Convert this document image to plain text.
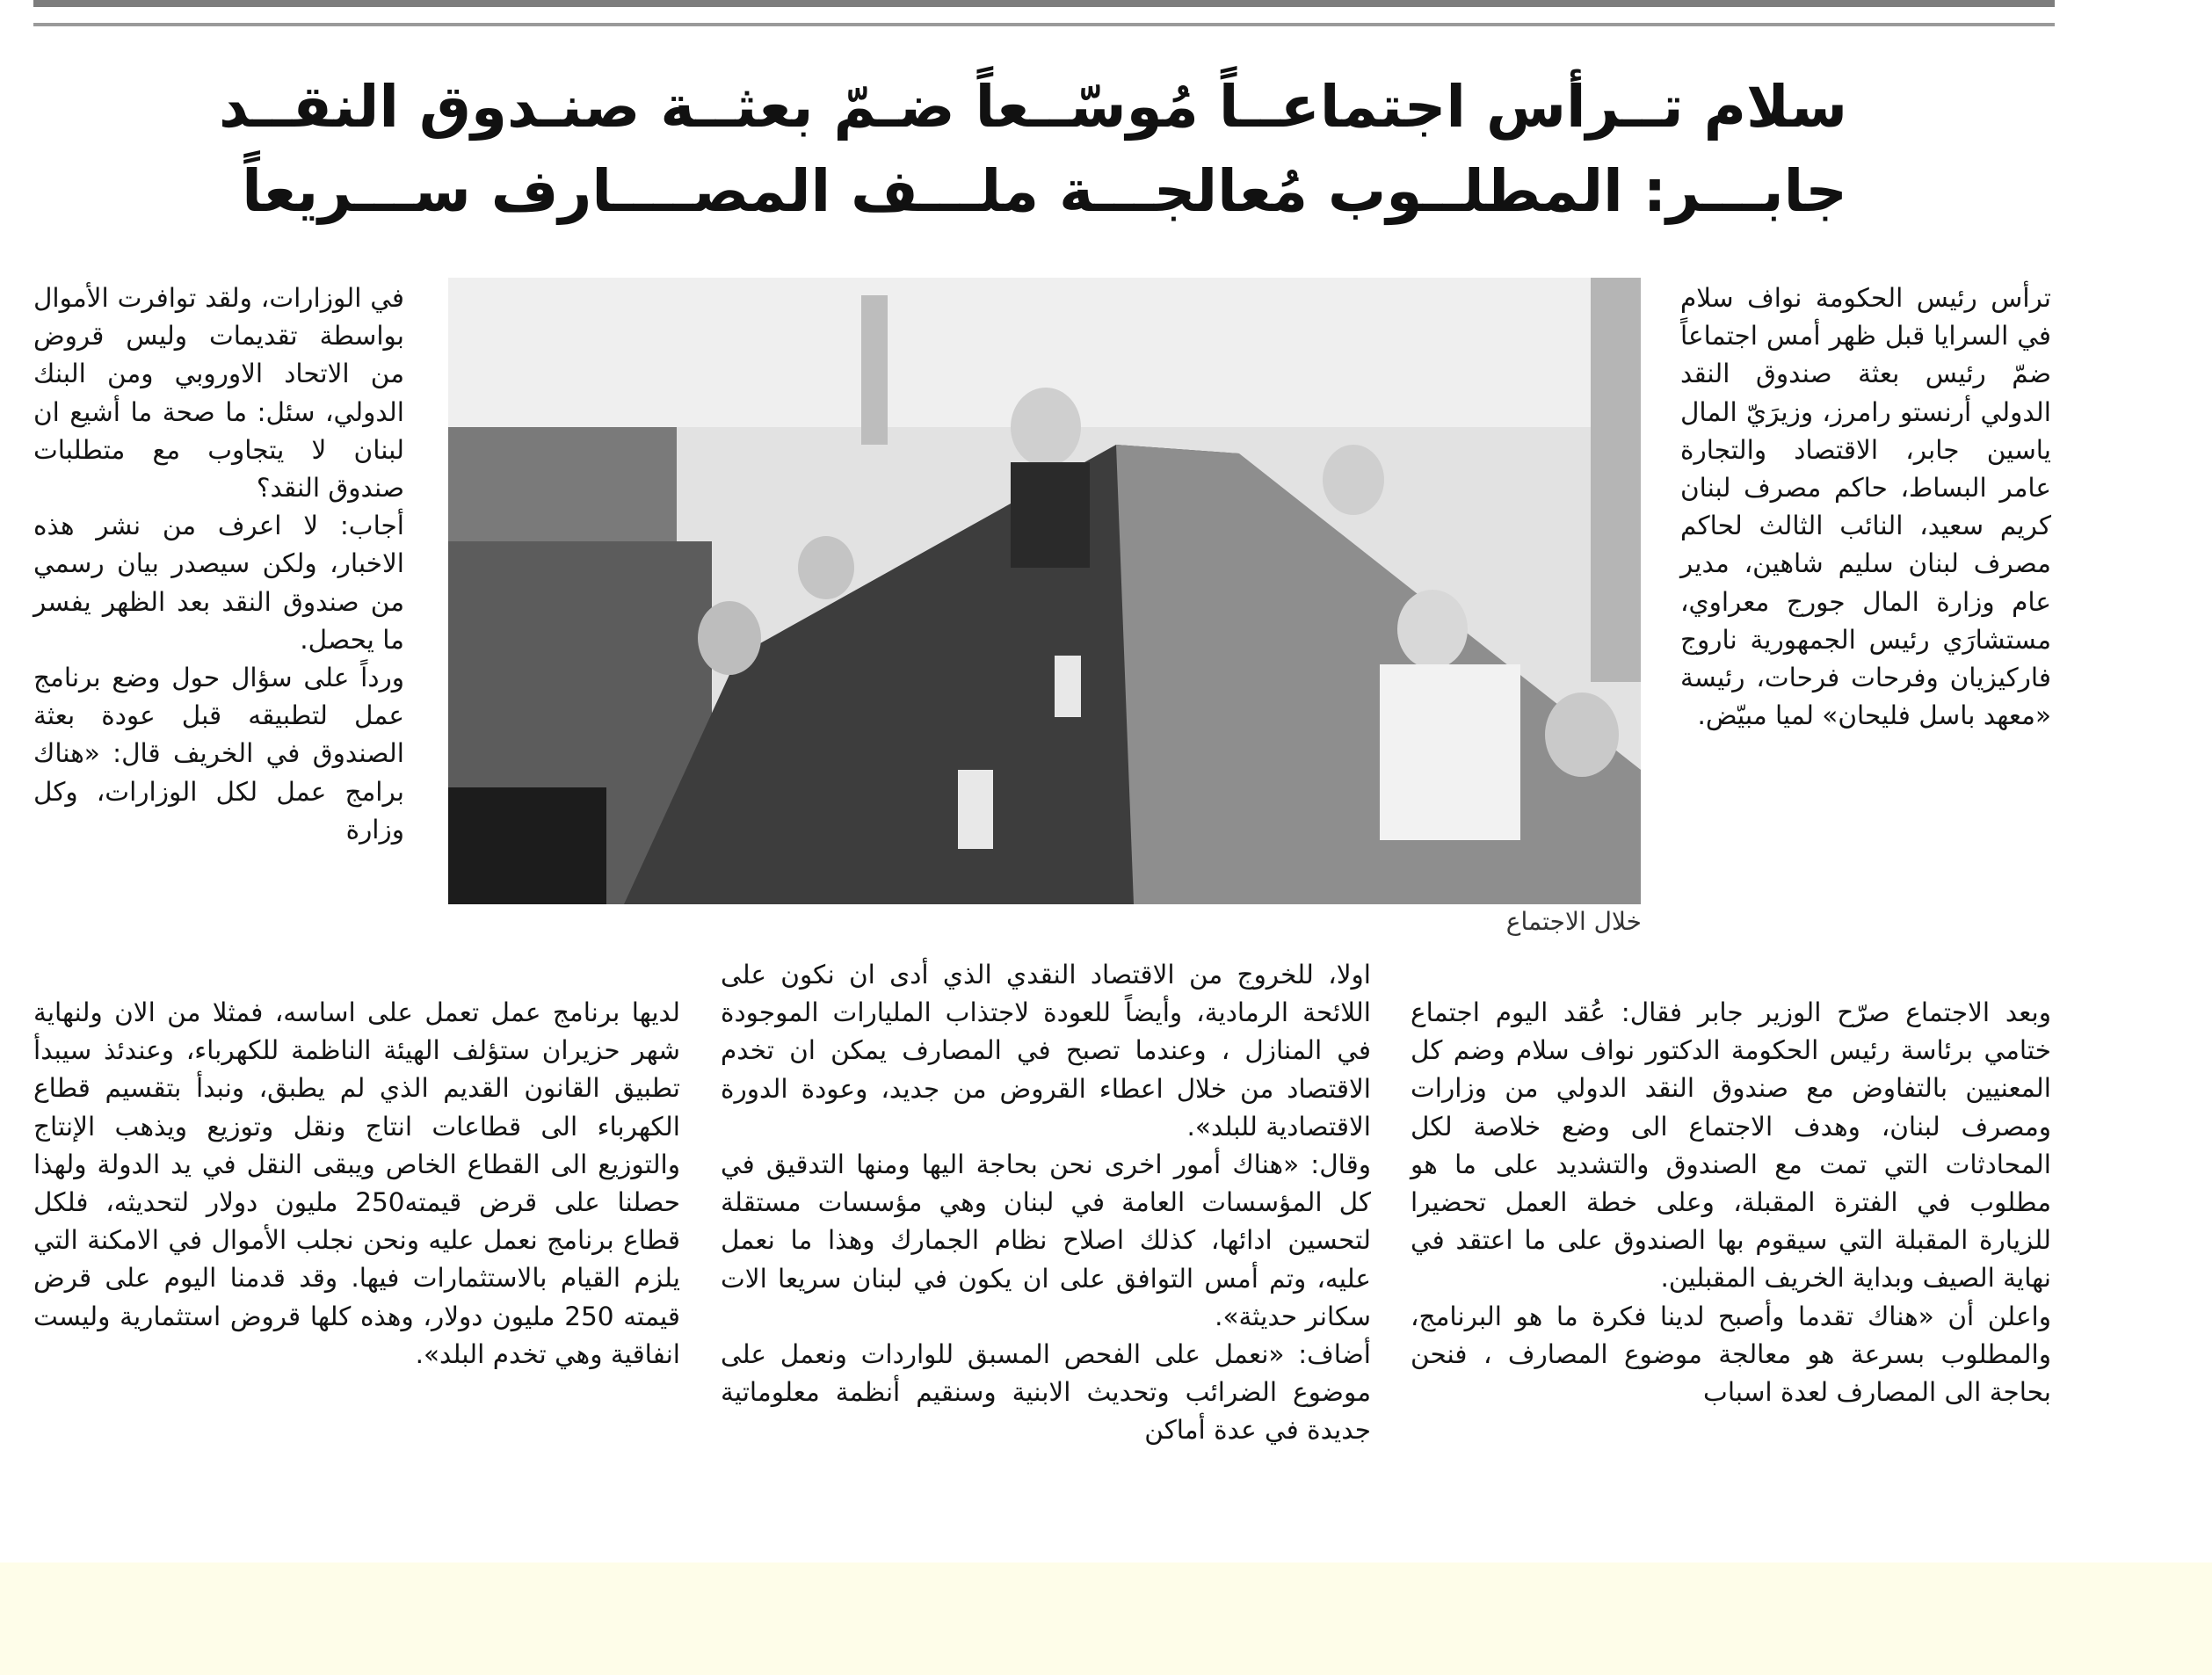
سلام تــرأس اجتماعــاً مُوسّــعاً ضـمّ بعثــة صنـدوق النقــد
جابـــر: المطلــوب مُعالجـــة ملـــف المصــــارف ســـريعاً

ترأس رئيس الحكومة نواف سلام في السرايا قبل ظهر أمس اجتماعاً ضمّ رئيس بعثة صندوق النقد الدولي أرنستو رامرز، وزيرَيّ المال ياسين جابر، الاقتصاد والتجارة عامر البساط، حاكم مصرف لبنان كريم سعيد، النائب الثالث لحاكم مصرف لبنان سليم شاهين، مدير عام وزارة المال جورج معراوي، مستشارَي رئيس الجمهورية ناروج فاركيزيان وفرحات فرحات، رئيسة «معهد باسل فليحان» لميا مبيّض.

في الوزارات، ولقد توافرت الأموال بواسطة تقديمات وليس قروض من الاتحاد الاوروبي ومن البنك الدولي، سئل: ما صحة ما أشيع ان لبنان لا يتجاوب مع متطلبات صندوق النقد؟
أجاب: لا اعرف من نشر هذه الاخبار، ولكن سيصدر بيان رسمي من صندوق النقد بعد الظهر يفسر ما يحصل.
ورداً على سؤال حول وضع برنامج عمل لتطبيقه قبل عودة بعثة الصندوق في الخريف قال: «هناك برامج عمل لكل الوزارات، وكل وزارة

خلال الاجتماع

وبعد الاجتماع صرّح الوزير جابر فقال: عُقد اليوم اجتماع ختامي برئاسة رئيس الحكومة الدكتور نواف سلام وضم كل المعنيين بالتفاوض مع صندوق النقد الدولي من وزارات ومصرف لبنان، وهدف الاجتماع الى وضع خلاصة لكل المحادثات التي تمت مع الصندوق والتشديد على ما هو مطلوب في الفترة المقبلة، وعلى خطة العمل تحضيرا للزيارة المقبلة التي سيقوم بها الصندوق على ما اعتقد في نهاية الصيف وبداية الخريف المقبلين.
واعلن أن «هناك تقدما وأصبح لدينا فكرة ما هو البرنامج، والمطلوب بسرعة هو معالجة موضوع المصارف ، فنحن بحاجة الى المصارف لعدة اسباب

اولا، للخروج من الاقتصاد النقدي الذي أدى ان نكون على اللائحة الرمادية، وأيضاً للعودة لاجتذاب المليارات الموجودة في المنازل ، وعندما تصبح في المصارف يمكن ان تخدم الاقتصاد من خلال اعطاء القروض من جديد، وعودة الدورة الاقتصادية للبلد».
وقال: «هناك أمور اخرى نحن بحاجة اليها ومنها التدقيق في كل المؤسسات العامة في لبنان وهي مؤسسات مستقلة لتحسين ادائها، كذلك اصلاح نظام الجمارك وهذا ما نعمل عليه، وتم أمس التوافق على ان يكون في لبنان سريعا الات سكانر حديثة».
أضاف: «نعمل على الفحص المسبق للواردات ونعمل على موضوع الضرائب وتحديث الابنية وسنقيم أنظمة معلوماتية جديدة في عدة أماكن

لديها برنامج عمل تعمل على اساسه، فمثلا من الان ولنهاية شهر حزيران ستؤلف الهيئة الناظمة للكهرباء، وعندئذ سيبدأ تطبيق القانون القديم الذي لم يطبق، ونبدأ بتقسيم قطاع الكهرباء الى قطاعات انتاج ونقل وتوزيع ويذهب الإنتاج والتوزيع الى القطاع الخاص ويبقى النقل في يد الدولة ولهذا حصلنا على قرض قيمته250 مليون دولار لتحديثه، فلكل قطاع برنامج نعمل عليه ونحن نجلب الأموال في الامكنة التي يلزم القيام بالاستثمارات فيها. وقد قدمنا اليوم على قرض قيمته 250 مليون دولار، وهذه كلها قروض استثمارية وليست انفاقية وهي تخدم البلد».
